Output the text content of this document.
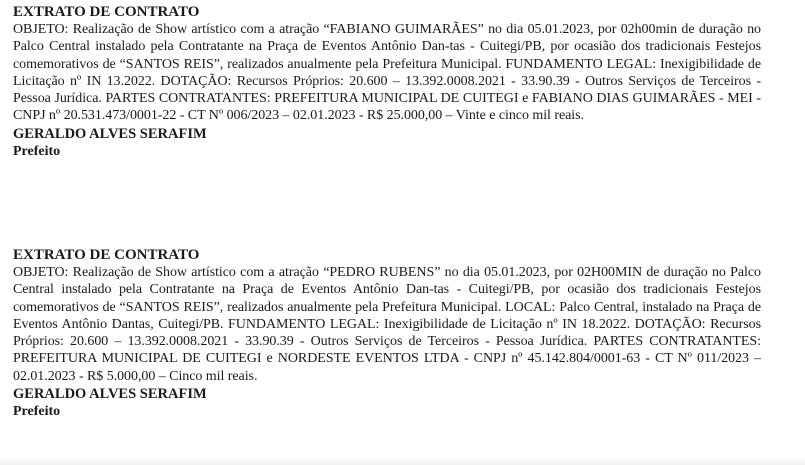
EXTRATO DE CONTRATO

OBJETO: Realização de Show artístico com a atração “FABIANO GUIMARÃES” no dia 05.01.2023, por 02h00min de duração no Palco Central instalado pela Contratante na Praça de Eventos Antônio Dan-tas - Cuitegi/PB, por ocasião dos tradicionais Festejos comemorativos de “SANTOS REIS”, realizados anualmente pela Prefeitura Municipal. FUNDAMENTO LEGAL: Inexigibilidade de Licitação nº IN 13.2022. DOTAÇÃO: Recursos Próprios: 20.600 – 13.392.0008.2021 - 33.90.39 - Outros Serviços de Terceiros - Pessoa Jurídica. PARTES CONTRATANTES: PREFEITURA MUNICIPAL DE CUITEGI e FABIANO DIAS GUIMARÃES - MEI - CNPJ nº 20.531.473/0001-22 - CT Nº 006/2023 – 02.01.2023 - R$ 25.000,00 – Vinte e cinco mil reais.

GERALDO ALVES SERAFIM

Prefeito

EXTRATO DE CONTRATO

OBJETO: Realização de Show artístico com a atração “PEDRO RUBENS” no dia 05.01.2023, por 02H00MIN de duração no Palco Central instalado pela Contratante na Praça de Eventos Antônio Dan-tas - Cuitegi/PB, por ocasião dos tradicionais Festejos comemorativos de “SANTOS REIS”, realizados anualmente pela Prefeitura Municipal. LOCAL: Palco Central, instalado na Praça de Eventos Antônio Dantas, Cuitegi/PB. FUNDAMENTO LEGAL: Inexigibilidade de Licitação nº IN 18.2022. DOTAÇÃO: Recursos Próprios: 20.600 – 13.392.0008.2021 - 33.90.39 - Outros Serviços de Terceiros - Pessoa Jurídica. PARTES CONTRATANTES: PREFEITURA MUNICIPAL DE CUITEGI e NORDESTE EVENTOS LTDA - CNPJ nº 45.142.804/0001-63 - CT Nº 011/2023 – 02.01.2023 - R$ 5.000,00 – Cinco mil reais.

GERALDO ALVES SERAFIM

Prefeito
